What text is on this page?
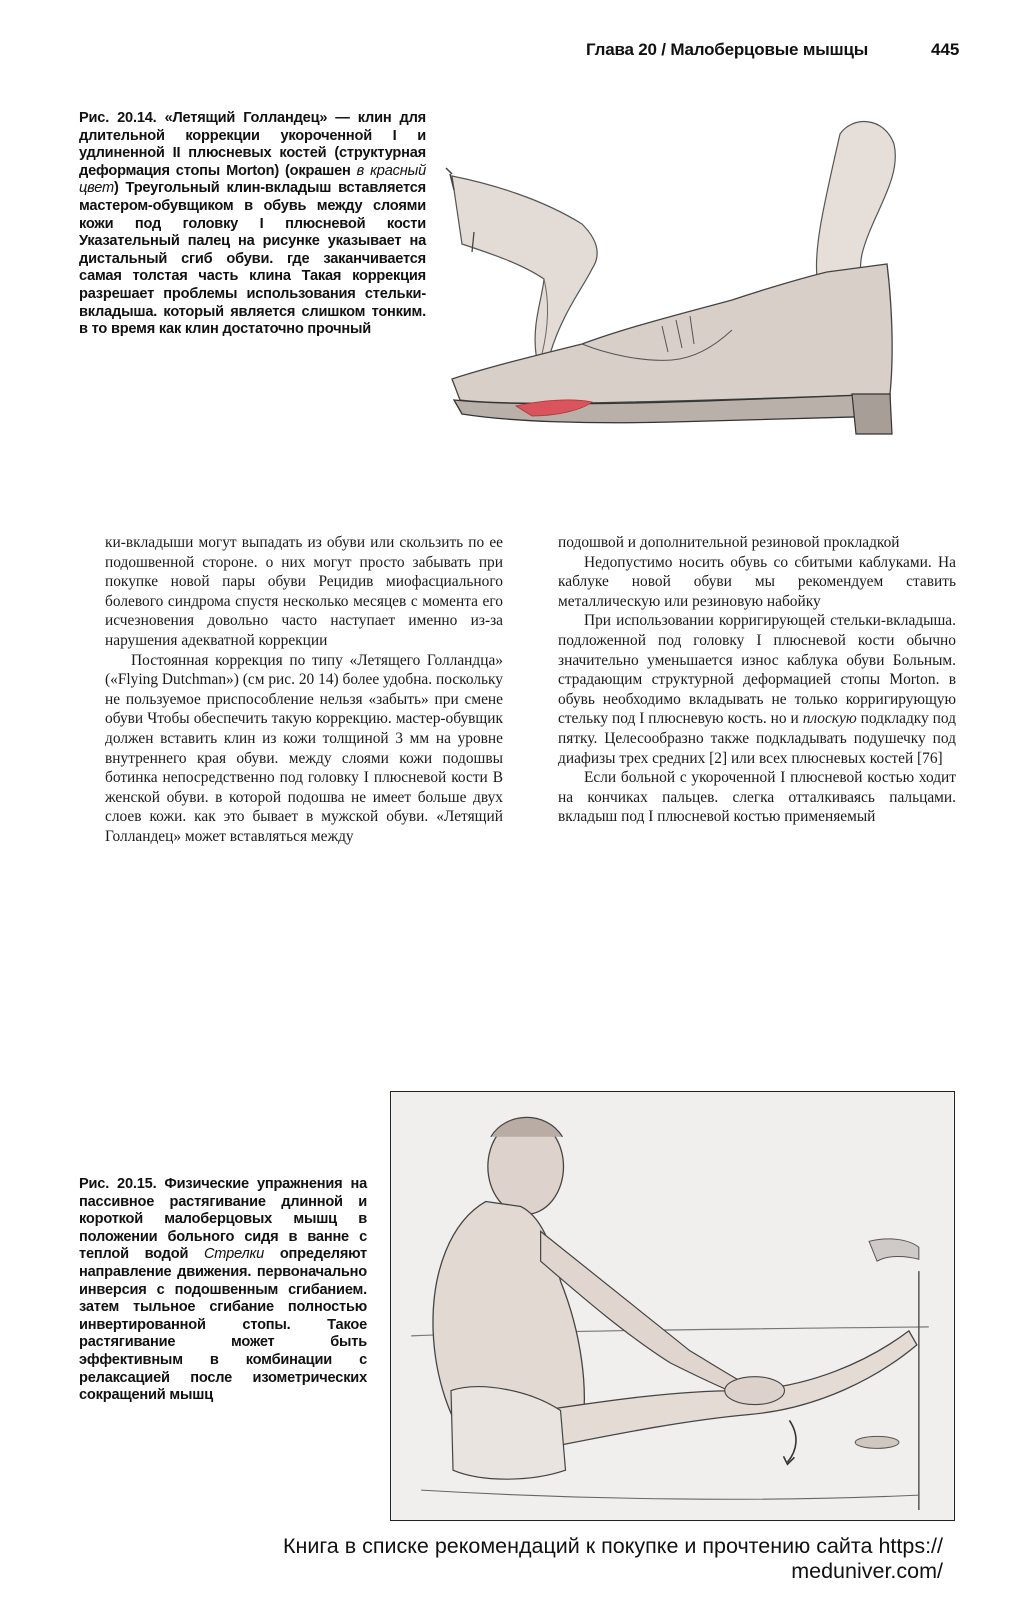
Глава 20 / Малоберцовые мышцы	445
Рис. 20.14. «Летящий Голландец» — клин для длительной коррекции укороченной I и удлиненной II плюсневых костей (структурная деформация стопы Morton) (окрашен в красный цвет) Треугольный клин-вкладыш вставляется мастером-обувщиком в обувь между слоями кожи под головку I плюсневой кости Указательный палец на рисунке указывает на дистальный сгиб обуви. где заканчивается самая толстая часть клина Такая коррекция разрешает проблемы использования стельки-вкладыша. который является слишком тонким. в то время как клин достаточно прочный

ки-вкладыши могут выпадать из обуви или скользить по ее подошвенной стороне. о них могут просто забывать при покупке новой пары обуви Рецидив миофасциального болевого синдрома спустя несколько месяцев с момента его исчезновения довольно часто наступает именно из-за нарушения адекватной коррекции

Постоянная коррекция по типу «Летящего Голландца» («Flying Dutchman») (см рис. 20 14) более удобна. поскольку не пользуемое приспособление нельзя «забыть» при смене обуви Чтобы обеспечить такую коррекцию. мастер-обувщик должен вставить клин из кожи толщиной 3 мм на уровне внутреннего края обуви. между слоями кожи подошвы ботинка непосредственно под головку I плюсневой кости В женской обуви. в которой подошва не имеет больше двух слоев кожи. как это бывает в мужской обуви. «Летящий Голландец» может вставляться между

подошвой и дополнительной резиновой прокладкой

Недопустимо носить обувь со сбитыми каблуками. На каблуке новой обуви мы рекомендуем ставить металлическую или резиновую набойку

При использовании корригирующей стельки-вкладыша. подложенной под головку I плюсневой кости обычно значительно уменьшается износ каблука обуви Больным. страдающим структурной деформацией стопы Morton. в обувь необходимо вкладывать не только корригирующую стельку под I плюсневую кость. но и плоскую подкладку под пятку. Целесообразно также подкладывать подушечку под диафизы трех средних [2] или всех плюсневых костей [76]

Если больной с укороченной I плюсневой костью ходит на кончиках пальцев. слегка отталкиваясь пальцами. вкладыш под I плюсневой костью применяемый

Рис. 20.15. Физические упражнения на пассивное растягивание длинной и короткой малоберцовых мышц в положении больного сидя в ванне с теплой водой Стрелки определяют направление движения. первоначально инверсия с подошвенным сгибанием. затем тыльное сгибание полностью инвертированной стопы. Такое растягивание может быть эффективным в комбинации с релаксацией после изометрических сокращений мышц
Книга в списке рекомендаций к покупке и прочтению сайта https://
meduniver.com/
